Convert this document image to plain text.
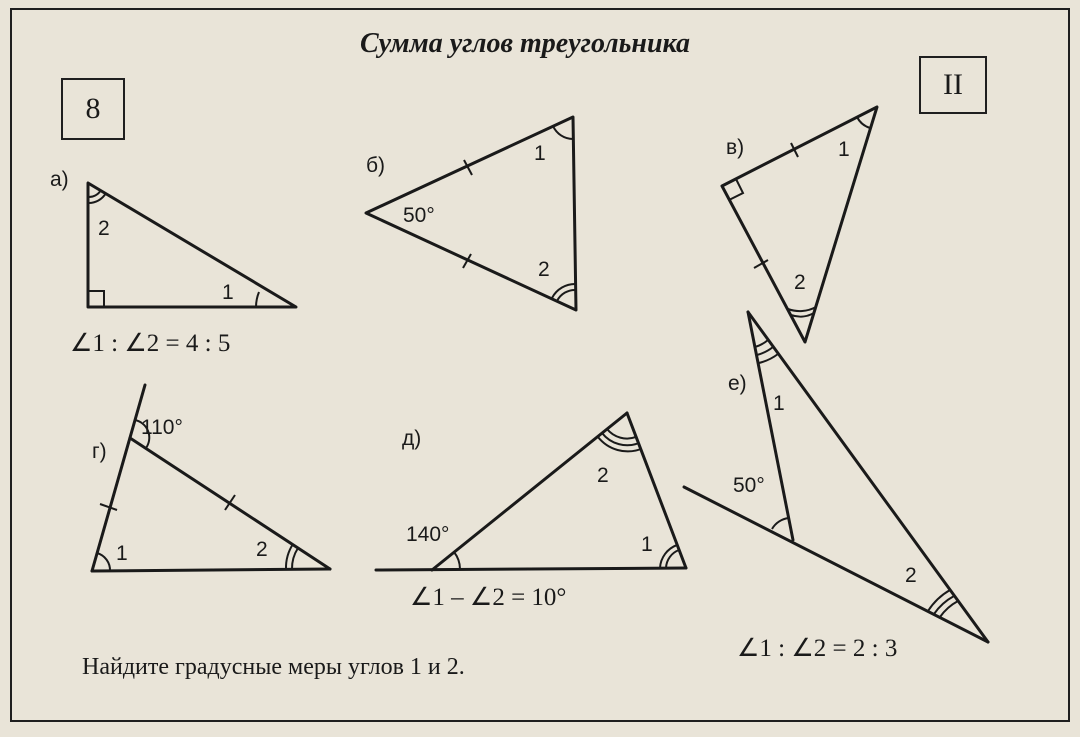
Сумма углов треугольника
8
II
а)
2
1
∠1 : ∠2 = 4 : 5
б)
50°
1
2
в)	1
2
г)
110°
1	2
д)
140°
2
1
∠1 – ∠2 = 10°
е)
1
50°
2
∠1 : ∠2 = 2 : 3
Найдите градусные меры углов 1 и 2.
